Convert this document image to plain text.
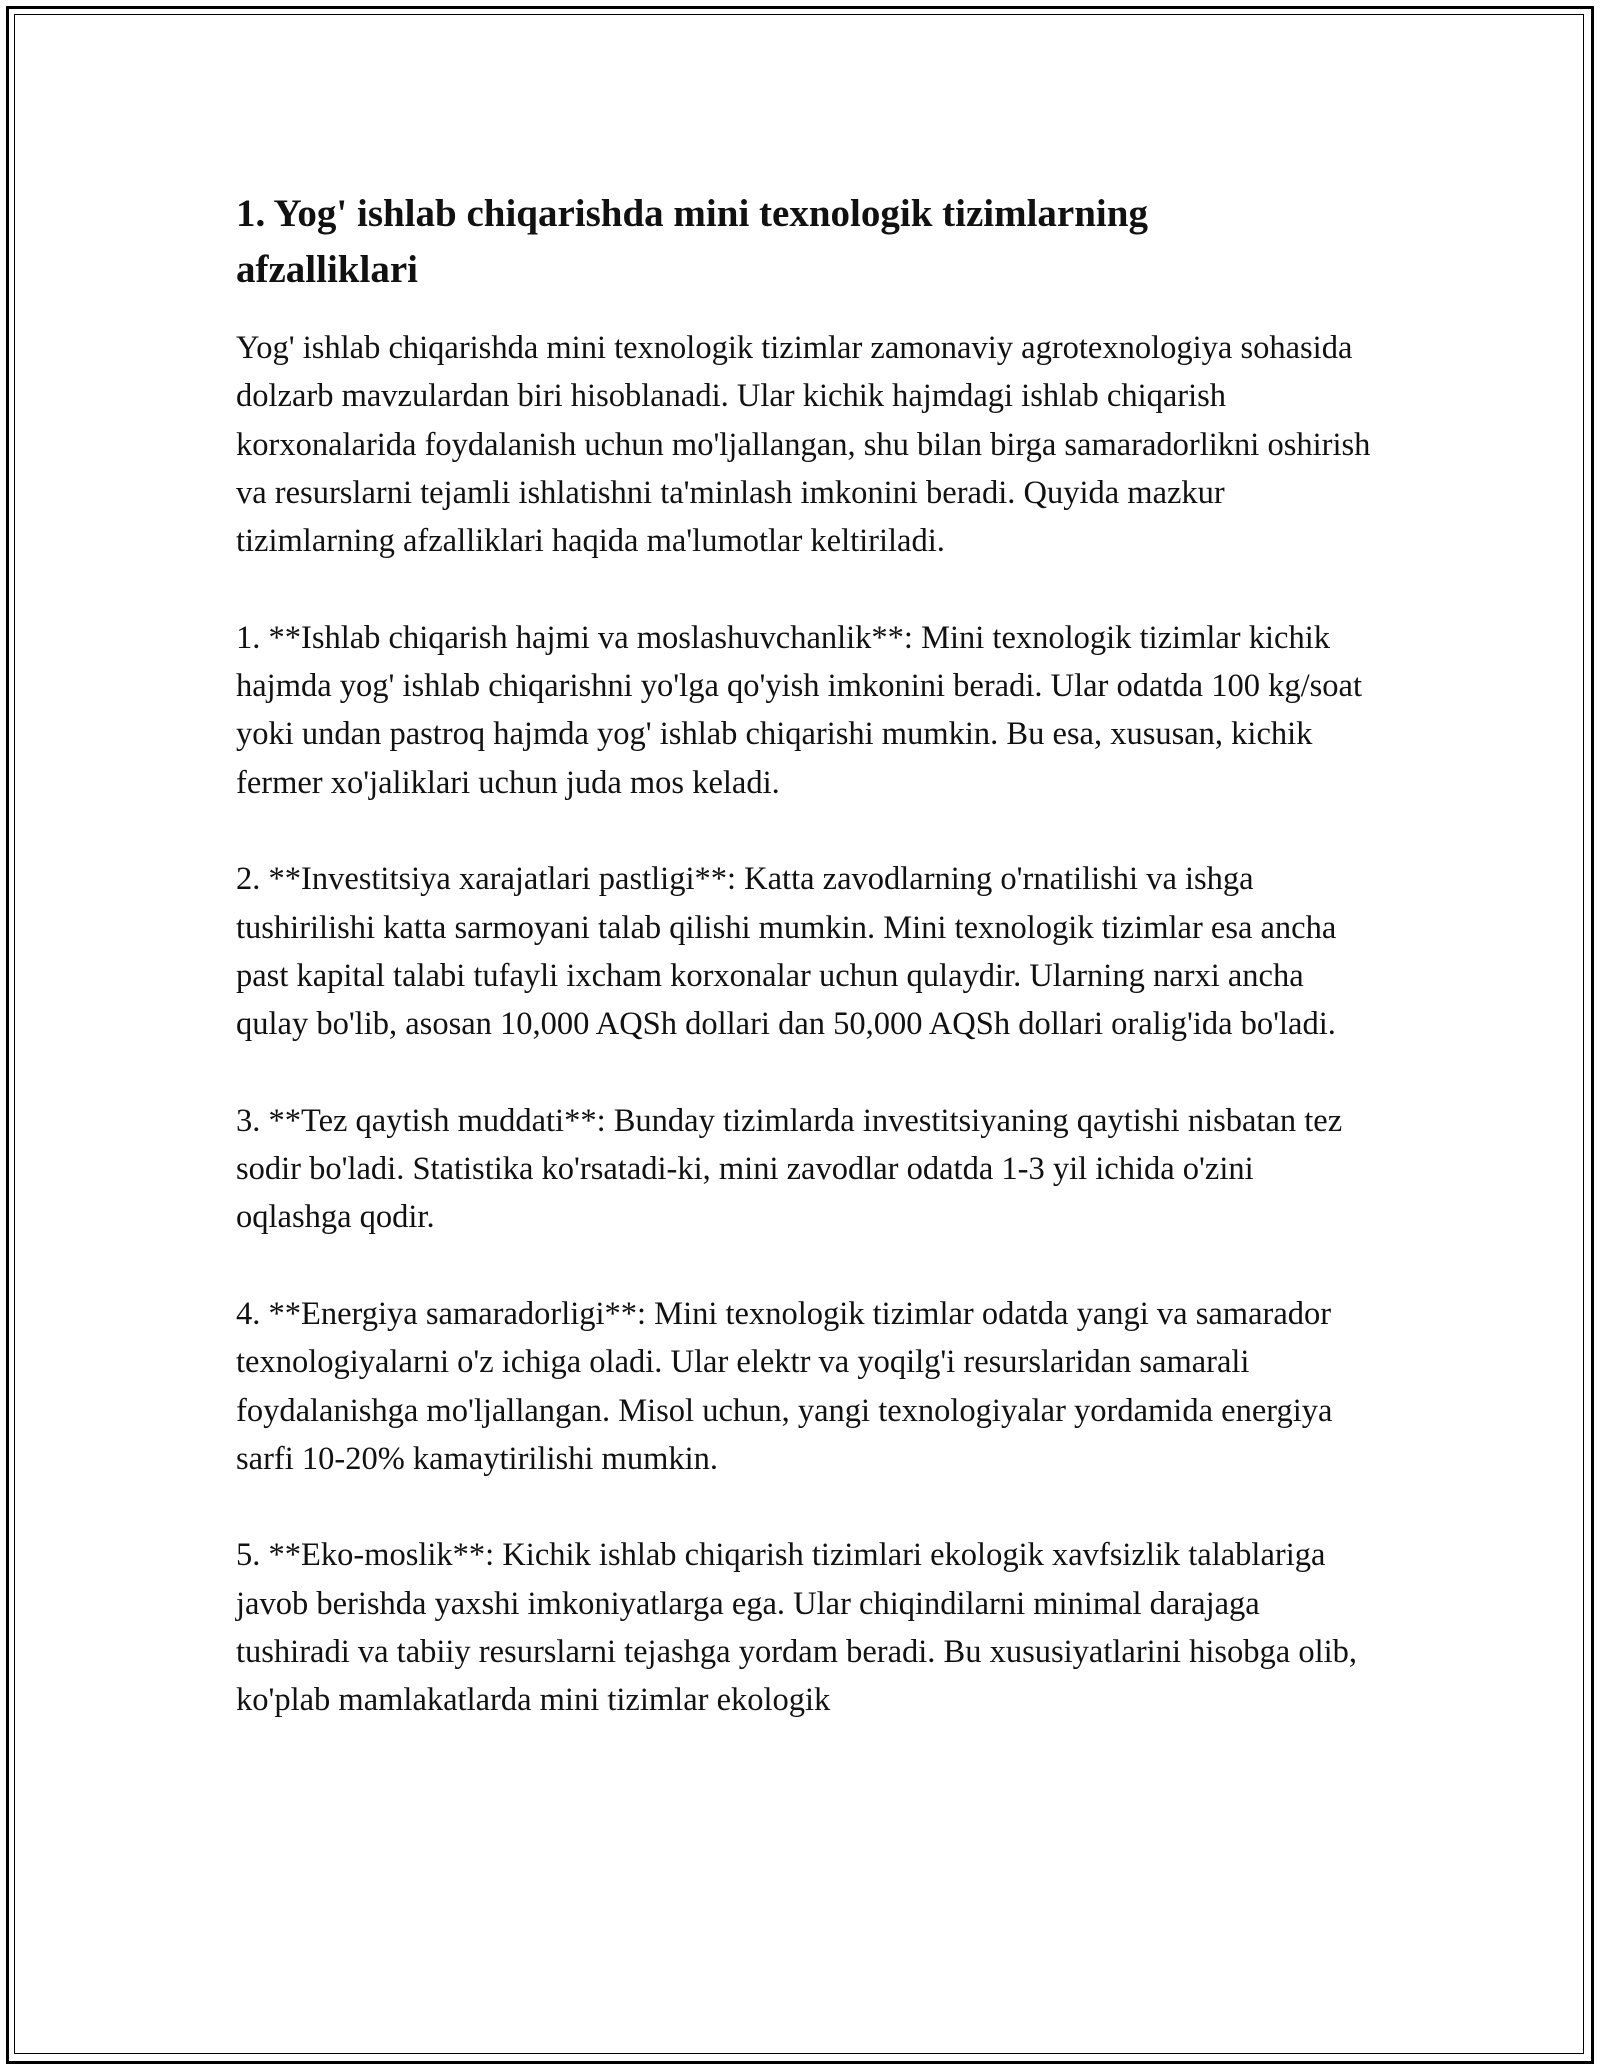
1. Yog' ishlab chiqarishda mini texnologik tizimlarning afzalliklari

Yog' ishlab chiqarishda mini texnologik tizimlar zamonaviy agrotexnologiya sohasida dolzarb mavzulardan biri hisoblanadi. Ular kichik hajmdagi ishlab chiqarish korxonalarida foydalanish uchun mo'ljallangan, shu bilan birga samaradorlikni oshirish va resurslarni tejamli ishlatishni ta'minlash imkonini beradi. Quyida mazkur tizimlarning afzalliklari haqida ma'lumotlar keltiriladi.

1. **Ishlab chiqarish hajmi va moslashuvchanlik**: Mini texnologik tizimlar kichik hajmda yog' ishlab chiqarishni yo'lga qo'yish imkonini beradi. Ular odatda 100 kg/soat yoki undan pastroq hajmda yog' ishlab chiqarishi mumkin. Bu esa, xususan, kichik fermer xo'jaliklari uchun juda mos keladi.

2. **Investitsiya xarajatlari pastligi**: Katta zavodlarning o'rnatilishi va ishga tushirilishi katta sarmoyani talab qilishi mumkin. Mini texnologik tizimlar esa ancha past kapital talabi tufayli ixcham korxonalar uchun qulaydir. Ularning narxi ancha qulay bo'lib, asosan 10,000 AQSh dollari dan 50,000 AQSh dollari oralig'ida bo'ladi.

3. **Tez qaytish muddati**: Bunday tizimlarda investitsiyaning qaytishi nisbatan tez sodir bo'ladi. Statistika ko'rsatadi-ki, mini zavodlar odatda 1-3 yil ichida o'zini oqlashga qodir.

4. **Energiya samaradorligi**: Mini texnologik tizimlar odatda yangi va samarador texnologiyalarni o'z ichiga oladi. Ular elektr va yoqilg'i resurslaridan samarali foydalanishga mo'ljallangan. Misol uchun, yangi texnologiyalar yordamida energiya sarfi 10-20% kamaytirilishi mumkin.

5. **Eko-moslik**: Kichik ishlab chiqarish tizimlari ekologik xavfsizlik talablariga javob berishda yaxshi imkoniyatlarga ega. Ular chiqindilarni minimal darajaga tushiradi va tabiiy resurslarni tejashga yordam beradi. Bu xususiyatlarini hisobga olib, ko'plab mamlakatlarda mini tizimlar ekologik
